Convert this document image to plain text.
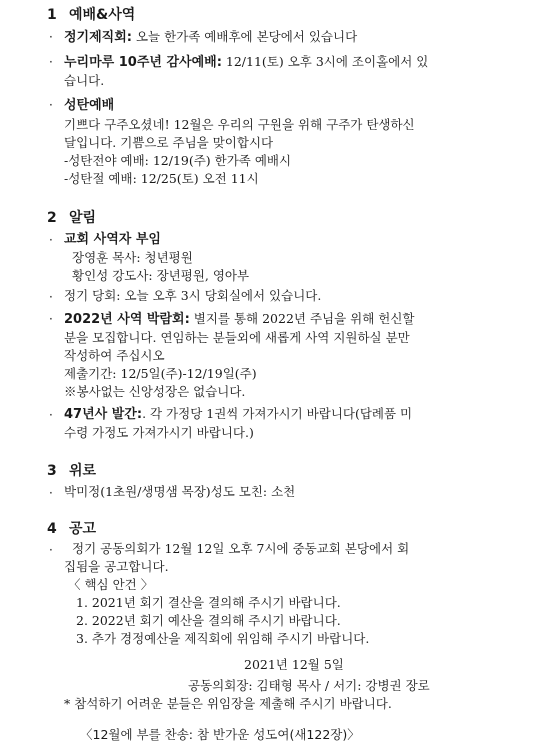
1 예배&사역
· 정기제직회: 오늘 한가족 예배후에 본당에서 있습니다
· 누리마루 10주년 감사예배: 12/11(토) 오후 3시에 조이홀에서 있
습니다.
· 성탄예배
기쁘다 구주오셨네! 12월은 우리의 구원을 위해 구주가 탄생하신
달입니다. 기쁨으로 주님을 맞이합시다
-성탄전야 예배: 12/19(주) 한가족 예배시
-성탄절 예배: 12/25(토) 오전 11시
2 알림
· 교회 사역자 부임
장영훈 목사: 청년평원
황인성 강도사: 장년평원, 영아부
· 정기 당회: 오늘 오후 3시 당회실에서 있습니다.
· 2022년 사역 박람회: 별지를 통해 2022년 주님을 위해 헌신할
분을 모집합니다. 연임하는 분들외에 새롭게 사역 지원하실 분만
작성하여 주십시오
제출기간: 12/5일(주)-12/19일(주)
※봉사없는 신앙성장은 없습니다.
· 47년사 발간:. 각 가정당 1권씩 가져가시기 바랍니다(답례품 미
수령 가정도 가져가시기 바랍니다.)
3 위로
· 박미정(1초원/생명샘 목장)성도 모친: 소천
4 공고
· 정기 공동의회가 12월 12일 오후 7시에 중동교회 본당에서 회
집됨을 공고합니다.
〈 핵심 안건 〉
1. 2021년 회기 결산을 결의해 주시기 바랍니다.
2. 2022년 회기 예산을 결의해 주시기 바랍니다.
3. 추가 경정예산을 제직회에 위임해 주시기 바랍니다.
2021년 12월 5일
공동의회장: 김태형 목사 / 서기: 강병권 장로
* 참석하기 어려운 분들은 위임장을 제출해 주시기 바랍니다.
〈12월에 부를 찬송: 참 반가운 성도여(새122장)〉
